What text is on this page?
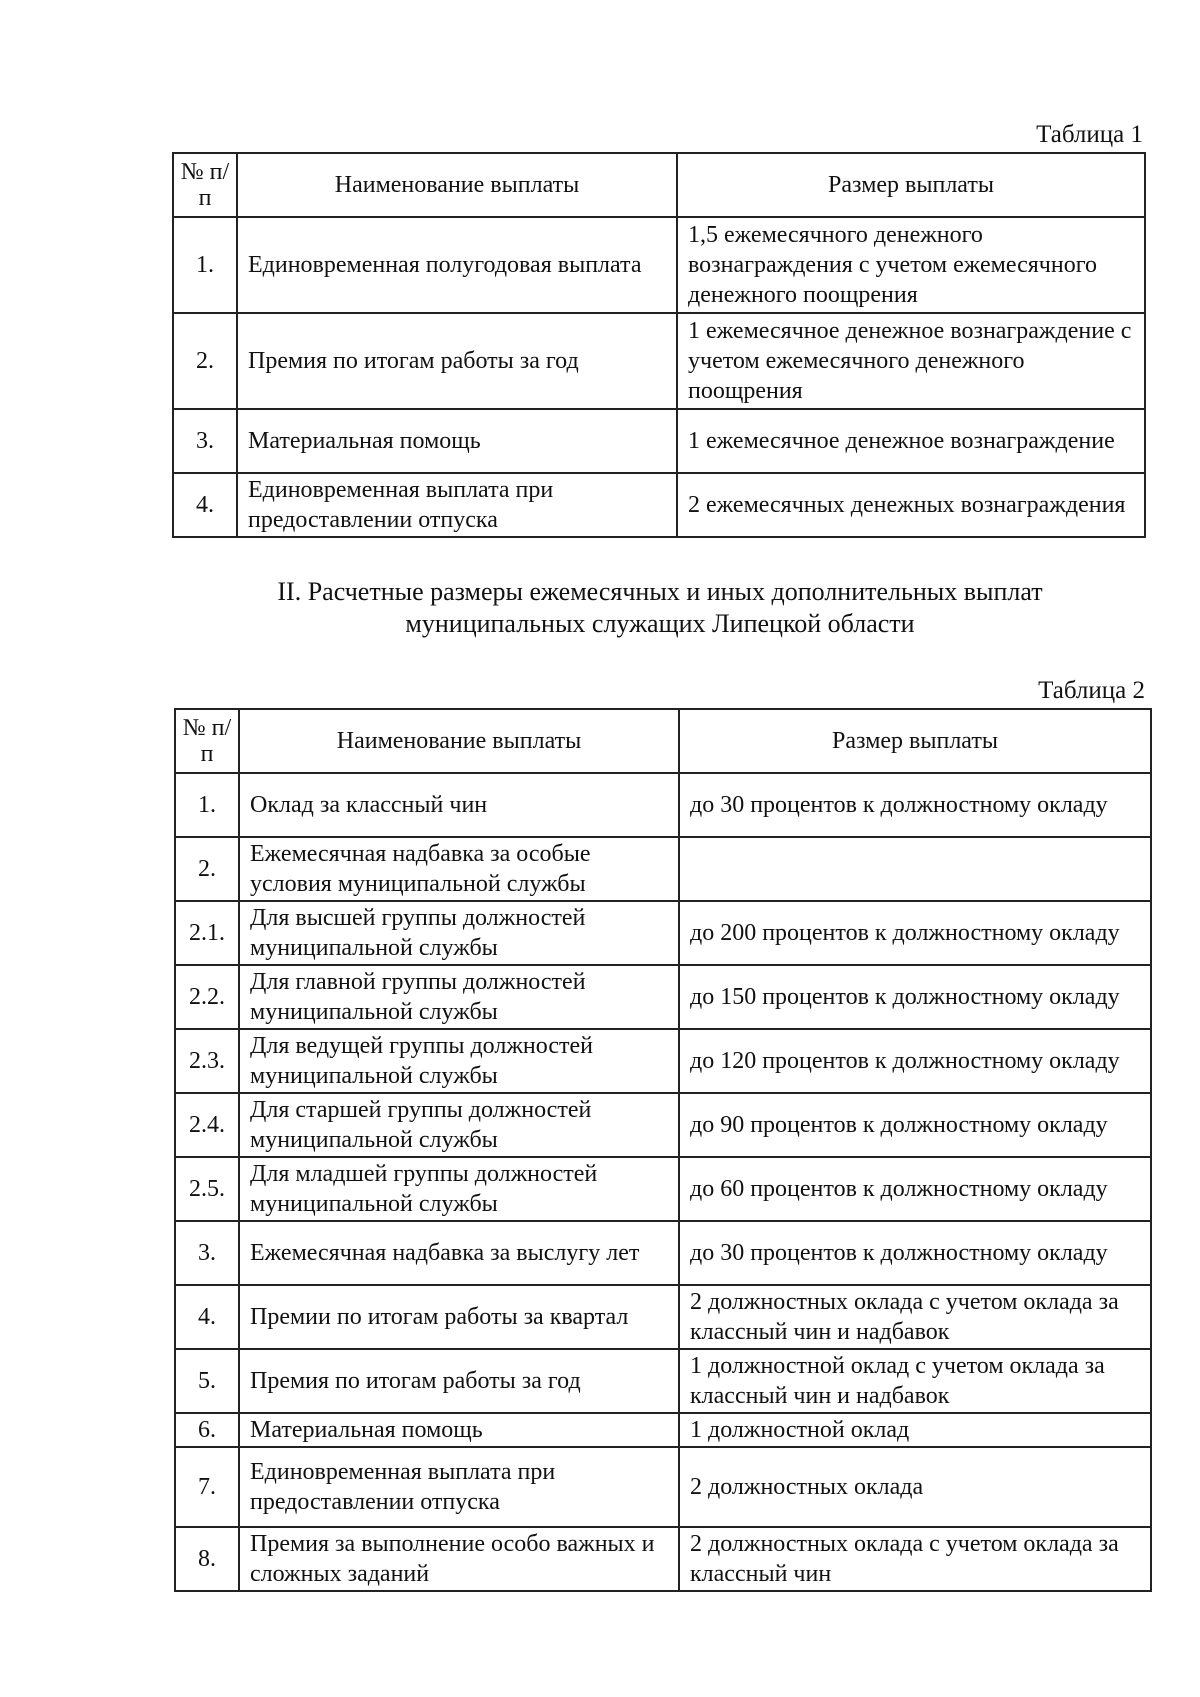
Таблица 1
№ п/п	Наименование выплаты	Размер выплаты
1.	Единовременная полугодовая выплата	1,5 ежемесячного денежного вознаграждения с учетом ежемесячного денежного поощрения
2.	Премия по итогам работы за год	1 ежемесячное денежное вознаграждение с учетом ежемесячного денежного поощрения
3.	Материальная помощь	1 ежемесячное денежное вознаграждение
4.	Единовременная выплата при предоставлении отпуска	2 ежемесячных денежных вознаграждения
II. Расчетные размеры ежемесячных и иных дополнительных выплат
муниципальных служащих Липецкой области
Таблица 2
№ п/п	Наименование выплаты	Размер выплаты
1.	Оклад за классный чин	до 30 процентов к должностному окладу
2.	Ежемесячная надбавка за особые условия муниципальной службы	
2.1.	Для высшей группы должностей муниципальной службы	до 200 процентов к должностному окладу
2.2.	Для главной группы должностей муниципальной службы	до 150 процентов к должностному окладу
2.3.	Для ведущей группы должностей муниципальной службы	до 120 процентов к должностному окладу
2.4.	Для старшей группы должностей муниципальной службы	до 90 процентов к должностному окладу
2.5.	Для младшей группы должностей муниципальной службы	до 60 процентов к должностному окладу
3.	Ежемесячная надбавка за выслугу лет	до 30 процентов к должностному окладу
4.	Премии по итогам работы за квартал	2 должностных оклада с учетом оклада за классный чин и надбавок
5.	Премия по итогам работы за год	1 должностной оклад с учетом оклада за классный чин и надбавок
6.	Материальная помощь	1 должностной оклад
7.	Единовременная выплата при предоставлении отпуска	2 должностных оклада
8.	Премия за выполнение особо важных и сложных заданий	2 должностных оклада с учетом оклада за классный чин
